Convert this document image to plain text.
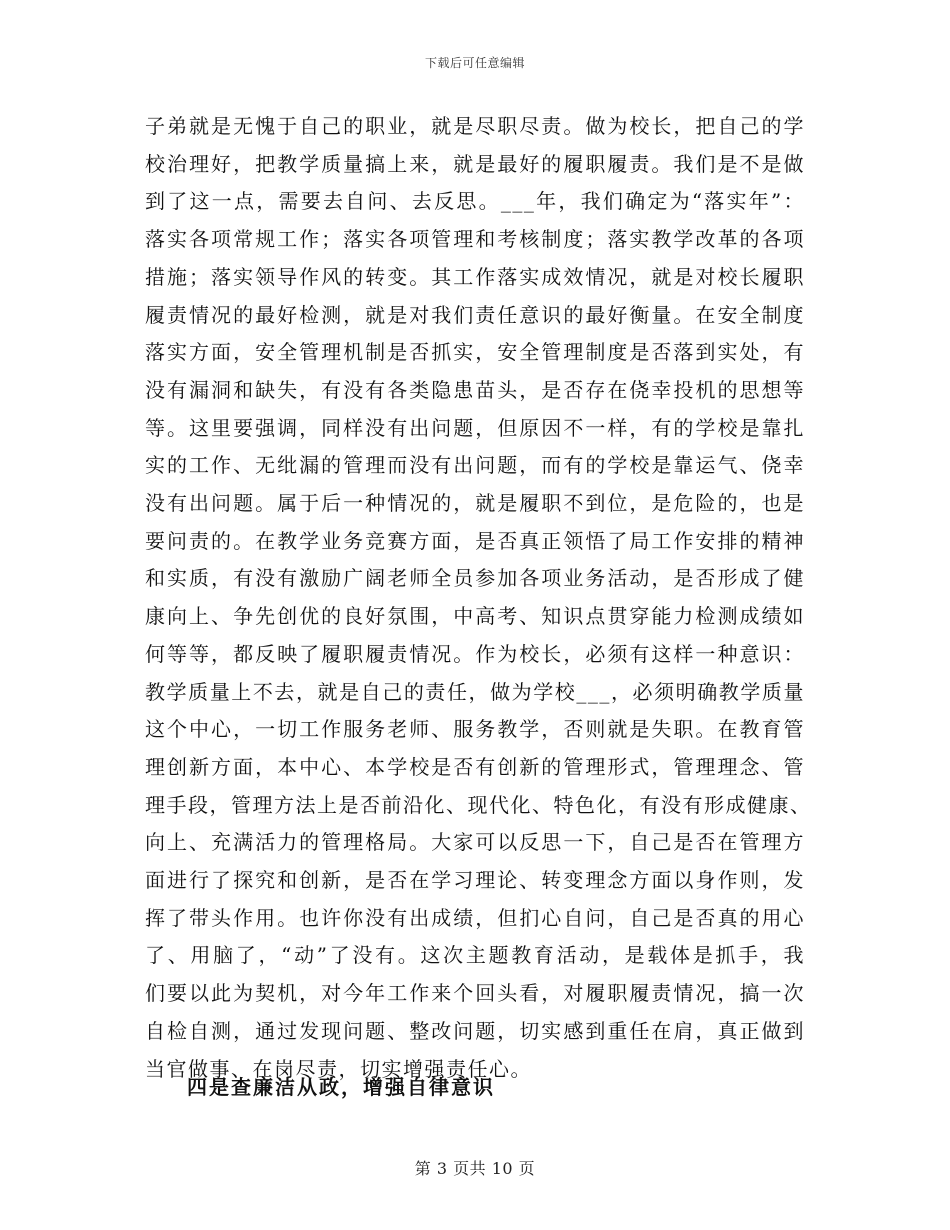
下载后可任意编辑
子弟就是无愧于自己的职业，就是尽职尽责。做为校长，把自己的学
校治理好，把教学质量搞上来，就是最好的履职履责。我们是不是做
到了这一点，需要去自问、去反思。___年，我们确定为“落实年”：
落实各项常规工作；落实各项管理和考核制度；落实教学改革的各项
措施；落实领导作风的转变。其工作落实成效情况，就是对校长履职
履责情况的最好检测，就是对我们责任意识的最好衡量。在安全制度
落实方面，安全管理机制是否抓实，安全管理制度是否落到实处，有
没有漏洞和缺失，有没有各类隐患苗头，是否存在侥幸投机的思想等
等。这里要强调，同样没有出问题，但原因不一样，有的学校是靠扎
实的工作、无纰漏的管理而没有出问题，而有的学校是靠运气、侥幸
没有出问题。属于后一种情况的，就是履职不到位，是危险的，也是
要问责的。在教学业务竞赛方面，是否真正领悟了局工作安排的精神
和实质，有没有激励广阔老师全员参加各项业务活动，是否形成了健
康向上、争先创优的良好氛围，中高考、知识点贯穿能力检测成绩如
何等等，都反映了履职履责情况。作为校长，必须有这样一种意识：
教学质量上不去，就是自己的责任，做为学校___，必须明确教学质量
这个中心，一切工作服务老师、服务教学，否则就是失职。在教育管
理创新方面，本中心、本学校是否有创新的管理形式，管理理念、管
理手段，管理方法上是否前沿化、现代化、特色化，有没有形成健康、
向上、充满活力的管理格局。大家可以反思一下，自己是否在管理方
面进行了探究和创新，是否在学习理论、转变理念方面以身作则，发
挥了带头作用。也许你没有出成绩，但扪心自问，自己是否真的用心
了、用脑了，“动”了没有。这次主题教育活动，是载体是抓手，我
们要以此为契机，对今年工作来个回头看，对履职履责情况，搞一次
自检自测，通过发现问题、整改问题，切实感到重任在肩，真正做到
当官做事、在岗尽责，切实增强责任心。
四是查廉洁从政，增强自律意识
第 3 页共 10 页
